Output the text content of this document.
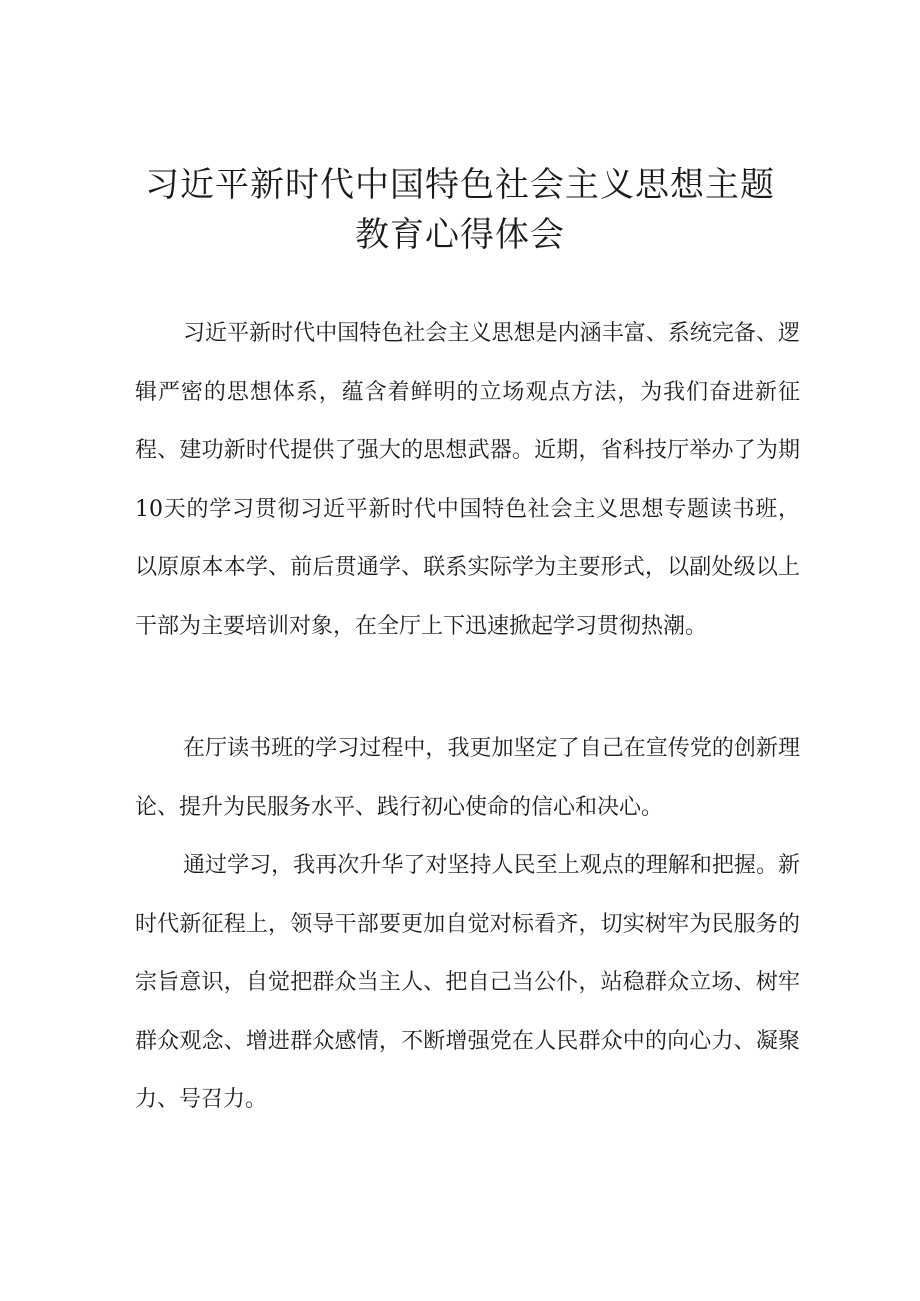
习近平新时代中国特色社会主义思想主题
教育心得体会

习近平新时代中国特色社会主义思想是内涵丰富、系统完备、逻辑严密的思想体系，蕴含着鲜明的立场观点方法，为我们奋进新征程、建功新时代提供了强大的思想武器。近期，省科技厅举办了为期10天的学习贯彻习近平新时代中国特色社会主义思想专题读书班，以原原本本学、前后贯通学、联系实际学为主要形式，以副处级以上干部为主要培训对象，在全厅上下迅速掀起学习贯彻热潮。

在厅读书班的学习过程中，我更加坚定了自己在宣传党的创新理论、提升为民服务水平、践行初心使命的信心和决心。

通过学习，我再次升华了对坚持人民至上观点的理解和把握。新时代新征程上，领导干部要更加自觉对标看齐，切实树牢为民服务的宗旨意识，自觉把群众当主人、把自己当公仆，站稳群众立场、树牢群众观念、增进群众感情，不断增强党在人民群众中的向心力、凝聚力、号召力。
